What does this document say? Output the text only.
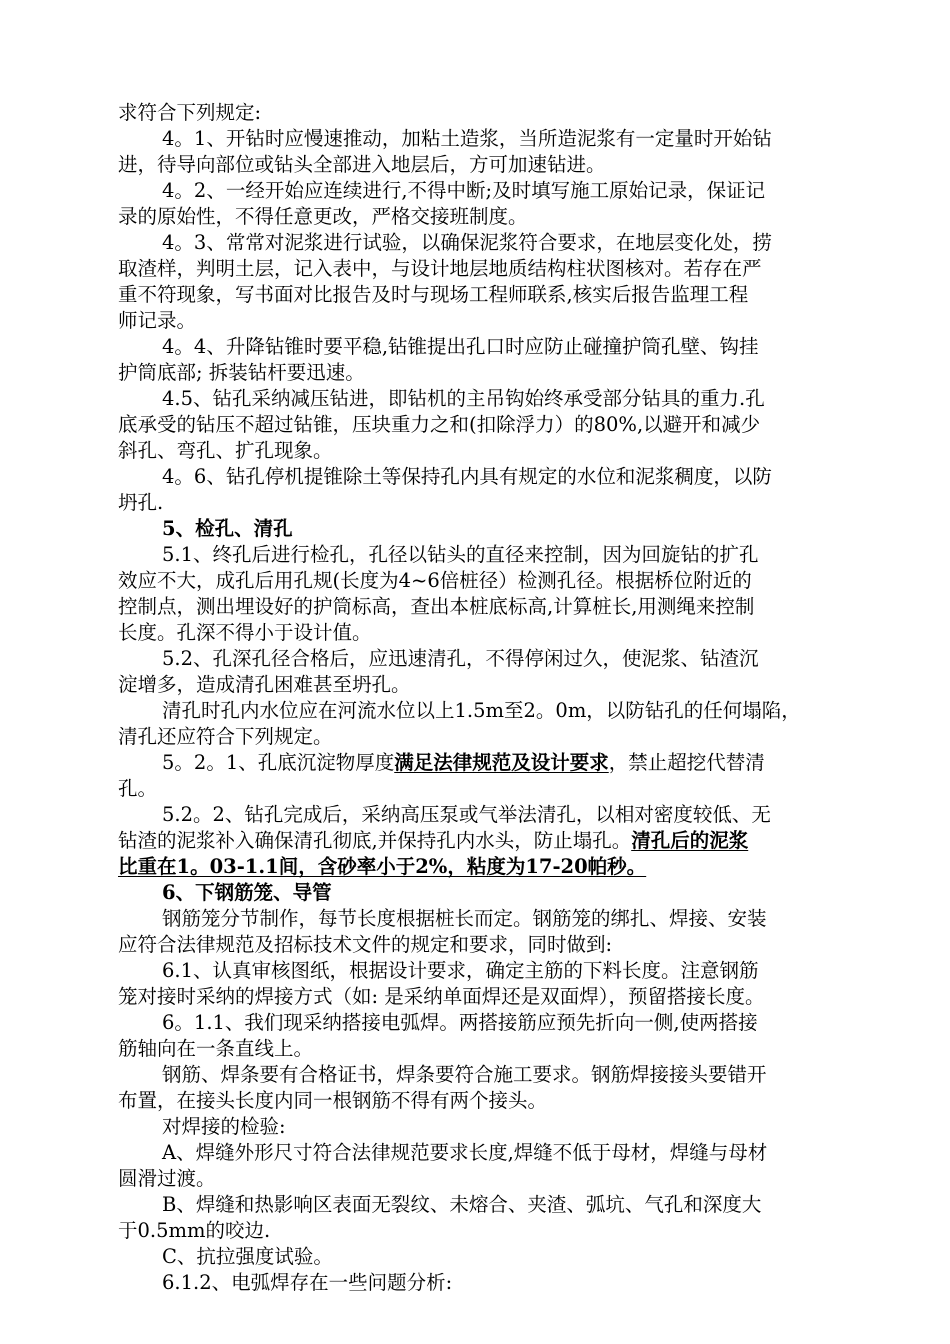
求符合下列规定:
4。1、开钻时应慢速推动，加粘土造浆，当所造泥浆有一定量时开始钻
进，待导向部位或钻头全部进入地层后，方可加速钻进。
4。2、一经开始应连续进行,不得中断;及时填写施工原始记录，保证记
录的原始性，不得任意更改，严格交接班制度。
4。3、常常对泥浆进行试验，以确保泥浆符合要求，在地层变化处，捞
取渣样，判明土层，记入表中，与设计地层地质结构柱状图核对。若存在严
重不符现象，写书面对比报告及时与现场工程师联系,核实后报告监理工程
师记录。
4。4、升降钻锥时要平稳,钻锥提出孔口时应防止碰撞护筒孔壁、钩挂
护筒底部; 拆装钻杆要迅速。
4.5、钻孔采纳减压钻进，即钻机的主吊钩始终承受部分钻具的重力.孔
底承受的钻压不超过钻锥，压块重力之和(扣除浮力）的80%,以避开和减少
斜孔、弯孔、扩孔现象。
4。6、钻孔停机提锥除土等保持孔内具有规定的水位和泥浆稠度，以防
坍孔.
5、检孔、清孔
5.1、终孔后进行检孔，孔径以钻头的直径来控制，因为回旋钻的扩孔
效应不大，成孔后用孔规(长度为4~6倍桩径）检测孔径。根据桥位附近的
控制点，测出埋设好的护筒标高，查出本桩底标高,计算桩长,用测绳来控制
长度。孔深不得小于设计值。
5.2、孔深孔径合格后，应迅速清孔，不得停闲过久，使泥浆、钻渣沉
淀增多，造成清孔困难甚至坍孔。
清孔时孔内水位应在河流水位以上1.5m至2。0m，以防钻孔的任何塌陷，
清孔还应符合下列规定。
5。2。1、孔底沉淀物厚度满足法律规范及设计要求，禁止超挖代替清
孔。
5.2。2、钻孔完成后，采纳高压泵或气举法清孔，以相对密度较低、无
钻渣的泥浆补入确保清孔彻底,并保持孔内水头，防止塌孔。清孔后的泥浆
比重在1。03-1.1间，含砂率小于2%，粘度为17-20帕秒。
6、下钢筋笼、导管
钢筋笼分节制作，每节长度根据桩长而定。钢筋笼的绑扎、焊接、安装
应符合法律规范及招标技术文件的规定和要求，同时做到:
6.1、认真审核图纸，根据设计要求，确定主筋的下料长度。注意钢筋
笼对接时采纳的焊接方式（如: 是采纳单面焊还是双面焊），预留搭接长度。
6。1.1、我们现采纳搭接电弧焊。两搭接筋应预先折向一侧,使两搭接
筋轴向在一条直线上。
钢筋、焊条要有合格证书，焊条要符合施工要求。钢筋焊接接头要错开
布置，在接头长度内同一根钢筋不得有两个接头。
对焊接的检验:
A、焊缝外形尺寸符合法律规范要求长度,焊缝不低于母材，焊缝与母材
圆滑过渡。
B、焊缝和热影响区表面无裂纹、未熔合、夹渣、弧坑、气孔和深度大
于0.5mm的咬边.
C、抗拉强度试验。
6.1.2、电弧焊存在一些问题分析:
